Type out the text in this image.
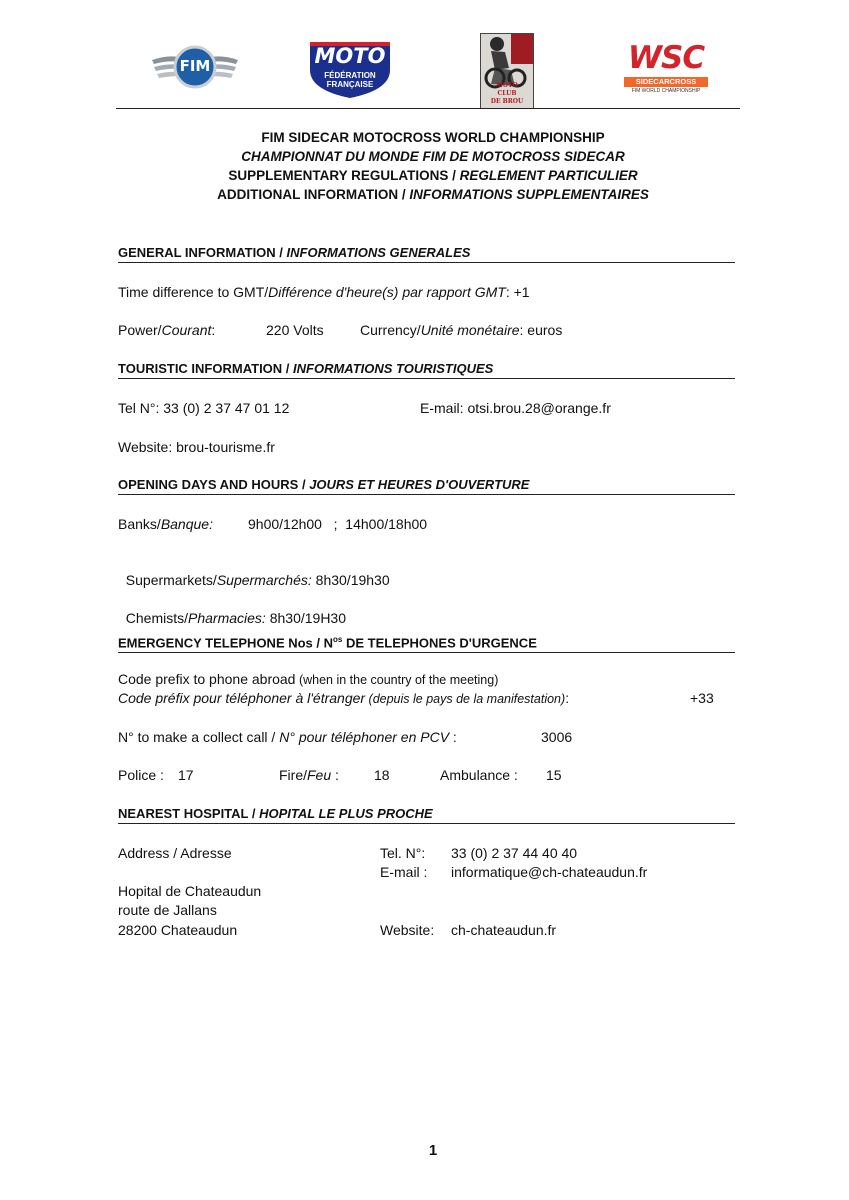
FIM	MOTO
FÉDÉRATION
FRANÇAISE	MOTO
CLUB
DE BROU
WSC
SIDECARCROSS
FIM WORLD CHAMPIONSHIP
FIM SIDECAR MOTOCROSS WORLD CHAMPIONSHIP
CHAMPIONNAT DU MONDE FIM DE MOTOCROSS SIDECAR
SUPPLEMENTARY REGULATIONS / REGLEMENT PARTICULIER
ADDITIONAL INFORMATION / INFORMATIONS SUPPLEMENTAIRES
GENERAL INFORMATION / INFORMATIONS GENERALES
Time difference to GMT/Différence d'heure(s) par rapport GMT: +1
Power/Courant:	220 Volts	Currency/Unité monétaire: euros
TOURISTIC INFORMATION / INFORMATIONS TOURISTIQUES
Tel N°: 33 (0) 2 37 47 01 12	E-mail: otsi.brou.28@orange.fr
Website: brou-tourisme.fr
OPENING DAYS AND HOURS / JOURS ET HEURES D'OUVERTURE
Banks/Banque:	9h00/12h00   ;  14h00/18h00

Supermarkets/Supermarchés: 8h30/19h30

Chemists/Pharmacies: 8h30/19H30

EMERGENCY TELEPHONE Nos / $N^{os}$ DE TELEPHONES D'URGENCE
Code prefix to phone abroad (when in the country of the meeting)
Code préfix pour téléphoner à l'étranger (depuis le pays de la manifestation):	+33
N° to make a collect call / N° pour téléphoner en PCV :	3006
Police : 17	Fire/Feu :	18	Ambulance : 15
NEAREST HOSPITAL / HOPITAL LE PLUS PROCHE
Address / Adresse	Tel. N°: 33 (0) 2 37 44 40 40
E-mail : informatique@ch-chateaudun.fr
Hopital de Chateaudun
route de Jallans
28200 Chateaudun	Website: ch-chateaudun.fr
1
